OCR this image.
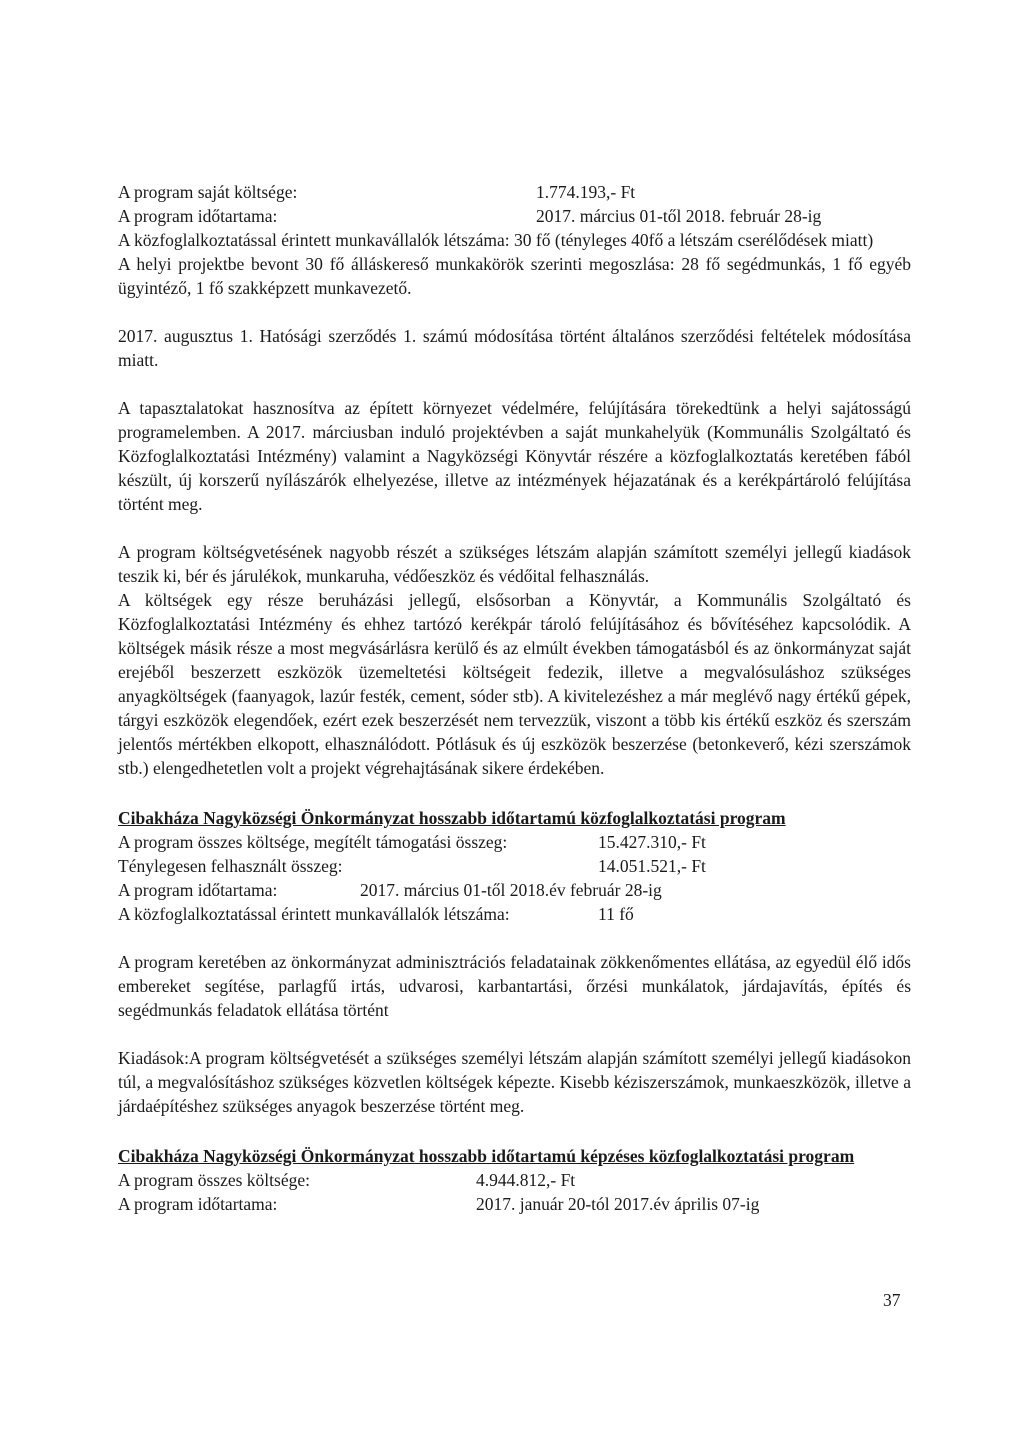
A program saját költsége:	1.774.193,- Ft
A program időtartama:	2017. március 01-től 2018. február 28-ig

A közfoglalkoztatással érintett munkavállalók létszáma: 30 fő (tényleges 40fő a létszám cserélődések miatt)

A helyi projektbe bevont 30 fő álláskereső munkakörök szerinti megoszlása: 28 fő segédmunkás, 1 fő egyéb ügyintéző, 1 fő szakképzett munkavezető.

2017. augusztus 1. Hatósági szerződés 1. számú módosítása történt általános szerződési feltételek módosítása miatt.

A tapasztalatokat hasznosítva az épített környezet védelmére, felújítására törekedtünk a helyi sajátosságú programelemben. A 2017. márciusban induló projektévben a saját munkahelyük (Kommunális Szolgáltató és Közfoglalkoztatási Intézmény) valamint a Nagyközségi Könyvtár részére a közfoglalkoztatás keretében fából készült, új korszerű nyílászárók elhelyezése, illetve az intézmények héjazatának és a kerékpártároló felújítása történt meg.

A program költségvetésének nagyobb részét a szükséges létszám alapján számított személyi jellegű kiadások teszik ki, bér és járulékok, munkaruha, védőeszköz és védőital felhasználás.

A költségek egy része beruházási jellegű, elsősorban a Könyvtár, a Kommunális Szolgáltató és Közfoglalkoztatási Intézmény és ehhez tartózó kerékpár tároló felújításához és bővítéséhez kapcsolódik. A költségek másik része a most megvásárlásra kerülő és az elmúlt években támogatásból és az önkormányzat saját erejéből beszerzett eszközök üzemeltetési költségeit fedezik, illetve a megvalósuláshoz szükséges anyagköltségek (faanyagok, lazúr festék, cement, sóder stb). A kivitelezéshez a már meglévő nagy értékű gépek, tárgyi eszközök elegendőek, ezért ezek beszerzését nem tervezzük, viszont a több kis értékű eszköz és szerszám jelentős mértékben elkopott, elhasználódott. Pótlásuk és új eszközök beszerzése (betonkeverő, kézi szerszámok stb.) elengedhetetlen volt a projekt végrehajtásának sikere érdekében.

Cibakháza Nagyközségi Önkormányzat hosszabb időtartamú közfoglalkoztatási program

A program összes költsége, megítélt támogatási összeg:	15.427.310,- Ft
Ténylegesen felhasznált összeg:	14.051.521,- Ft
A program időtartama:	2017. március 01-től 2018.év február 28-ig
A közfoglalkoztatással érintett munkavállalók létszáma:	11 fő

A program keretében az önkormányzat adminisztrációs feladatainak zökkenőmentes ellátása, az egyedül élő idős embereket segítése, parlagfű irtás, udvarosi, karbantartási, őrzési munkálatok, járdajavítás, építés és segédmunkás feladatok ellátása történt

Kiadások:A program költségvetését a szükséges személyi létszám alapján számított személyi jellegű kiadásokon túl, a megvalósításhoz szükséges közvetlen költségek képezte. Kisebb kéziszerszámok, munkaeszközök, illetve a járdaépítéshez szükséges anyagok beszerzése történt meg.

Cibakháza Nagyközségi Önkormányzat hosszabb időtartamú képzéses közfoglalkoztatási program

A program összes költsége:	4.944.812,- Ft
A program időtartama:	2017. január 20-tól 2017.év április 07-ig
37
